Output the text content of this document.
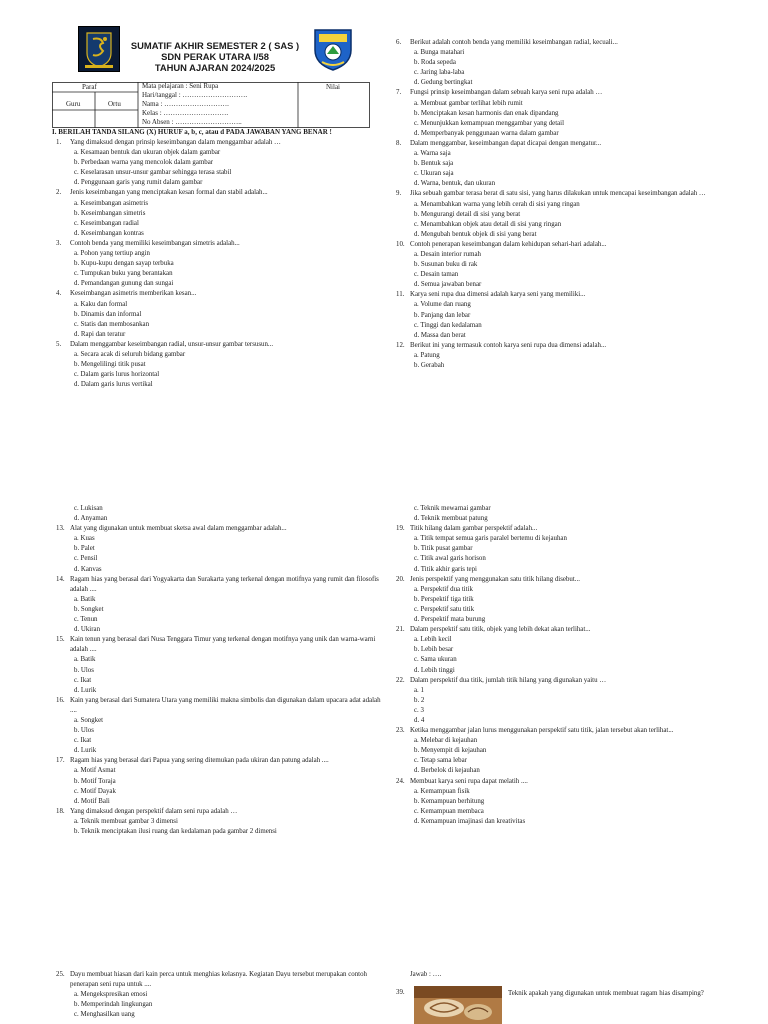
SUMATIF AKHIR SEMESTER 2 ( SAS )
SDN PERAK UTARA I/58
TAHUN AJARAN 2024/2025
Paraf
Guru	Ortu
Nilai
Mata pelajaran : Seni Rupa
Hari/tanggal : ……………………….
Nama : ……………………….
Kelas : ……………………….
No Absen : ………………………..
I. BERILAH TANDA SILANG (X) HURUF a, b, c, atau d PADA JAWABAN YANG BENAR !
1.	Yang dimaksud dengan prinsip keseimbangan dalam menggambar adalah …
a. Kesamaan bentuk dan ukuran objek dalam gambar
b. Perbedaan warna yang mencolok dalam gambar
c. Keselarasan unsur-unsur gambar sehingga terasa stabil
d. Penggunaan garis yang rumit dalam gambar
2.	Jenis keseimbangan yang menciptakan kesan formal dan stabil adalah...
a. Keseimbangan asimetris
b. Keseimbangan simetris
c. Keseimbangan radial
d. Keseimbangan kontras
3.	Contoh benda yang memiliki keseimbangan simetris adalah...
a. Pohon yang tertiup angin
b. Kupu-kupu dengan sayap terbuka
c. Tumpukan buku yang berantakan
d. Pemandangan gunung dan sungai
4.	Keseimbangan asimetris memberikan kesan...
a. Kaku dan formal
b. Dinamis dan informal
c. Statis dan membosankan
d. Rapi dan teratur
5.	Dalam menggambar keseimbangan radial, unsur-unsur gambar tersusun...
a. Secara acak di seluruh bidang gambar
b. Mengelilingi titik pusat
c. Dalam garis lurus horizontal
d. Dalam garis lurus vertikal
6.	Berikut adalah contoh benda yang memiliki keseimbangan radial, kecuali...
a. Bunga matahari
b. Roda sepeda
c. Jaring laba-laba
d. Gedung bertingkat
7.	Fungsi prinsip keseimbangan dalam sebuah karya seni rupa adalah …
a. Membuat gambar terlihat lebih rumit
b. Menciptakan kesan harmonis dan enak dipandang
c. Menunjukkan kemampuan menggambar yang detail
d. Memperbanyak penggunaan warna dalam gambar
8.	Dalam menggambar, keseimbangan dapat dicapai dengan mengatur...
a. Warna saja
b. Bentuk saja
c. Ukuran saja
d. Warna, bentuk, dan ukuran
9.	Jika sebuah gambar terasa berat di satu sisi, yang harus dilakukan untuk mencapai keseimbangan adalah …
a. Menambahkan warna yang lebih cerah di sisi yang ringan
b. Mengurangi detail di sisi yang berat
c. Menambahkan objek atau detail di sisi yang ringan
d. Mengubah bentuk objek di sisi yang berat
10. Contoh penerapan keseimbangan dalam kehidupan sehari-hari adalah...
a. Desain interior rumah
b. Susunan buku di rak
c. Desain taman
d. Semua jawaban benar
11. Karya seni rupa dua dimensi adalah karya seni yang memiliki...
a. Volume dan ruang
b. Panjang dan lebar
c. Tinggi dan kedalaman
d. Massa dan berat
12. Berikut ini yang termasuk contoh karya seni rupa dua dimensi adalah...
a. Patung
b. Gerabah
c. Lukisan
d. Anyaman
13. Alat yang digunakan untuk membuat sketsa awal dalam menggambar adalah...
a. Kuas
b. Palet
c. Pensil
d. Kanvas
14. Ragam hias yang berasal dari Yogyakarta dan Surakarta yang terkenal dengan motifnya yang rumit dan filosofis adalah ....
a. Batik
b. Songket
c. Tenun
d. Ukiran
15. Kain tenun yang berasal dari Nusa Tenggara Timur yang terkenal dengan motifnya yang unik dan warna-warni adalah ....
a. Batik
b. Ulos
c. Ikat
d. Lurik
16. Kain yang berasal dari Sumatera Utara yang memiliki makna simbolis dan digunakan dalam upacara adat adalah ....
a. Songket
b. Ulos
c. Ikat
d. Lurik
17. Ragam hias yang berasal dari Papua yang sering ditemukan pada ukiran dan patung adalah ....
a. Motif Asmat
b. Motif Toraja
c. Motif Dayak
d. Motif Bali
18. Yang dimaksud dengan perspektif dalam seni rupa adalah …
a. Teknik membuat gambar 3 dimensi
b. Teknik menciptakan ilusi ruang dan kedalaman pada gambar 2 dimensi
c. Teknik mewarnai gambar
d. Teknik membuat patung
19. Titik hilang dalam gambar perspektif adalah...
a. Titik tempat semua garis paralel bertemu di kejauhan
b. Titik pusat gambar
c. Titik awal garis horison
d. Titik akhir garis tepi
20. Jenis perspektif yang menggunakan satu titik hilang disebut...
a. Perspektif dua titik
b. Perspektif tiga titik
c. Perspektif satu titik
d. Perspektif mata burung
21. Dalam perspektif satu titik, objek yang lebih dekat akan terlihat...
a. Lebih kecil
b. Lebih besar
c. Sama ukuran
d. Lebih tinggi
22. Dalam perspektif dua titik, jumlah titik hilang yang digunakan yaitu …
a. 1
b. 2
c. 3
d. 4
23. Ketika menggambar jalan lurus menggunakan perspektif satu titik, jalan tersebut akan terlihat...
a. Melebar di kejauhan
b. Menyempit di kejauhan
c. Tetap sama lebar
d. Berbelok di kejauhan
24. Membuat karya seni rupa dapat melatih ....
a. Kemampuan fisik
b. Kemampuan berhitung
c. Kemampuan membaca
d. Kemampuan imajinasi dan kreativitas
25. Dayu membuat hiasan dari kain perca untuk menghias kelasnya. Kegiatan Dayu tersebut merupakan contoh penerapan seni rupa untuk ....
a. Mengekspresikan emosi
b. Memperindah lingkungan
c. Menghasilkan uang
Jawab : ….
39.	Teknik apakah yang digunakan untuk membuat ragam hias disamping?
